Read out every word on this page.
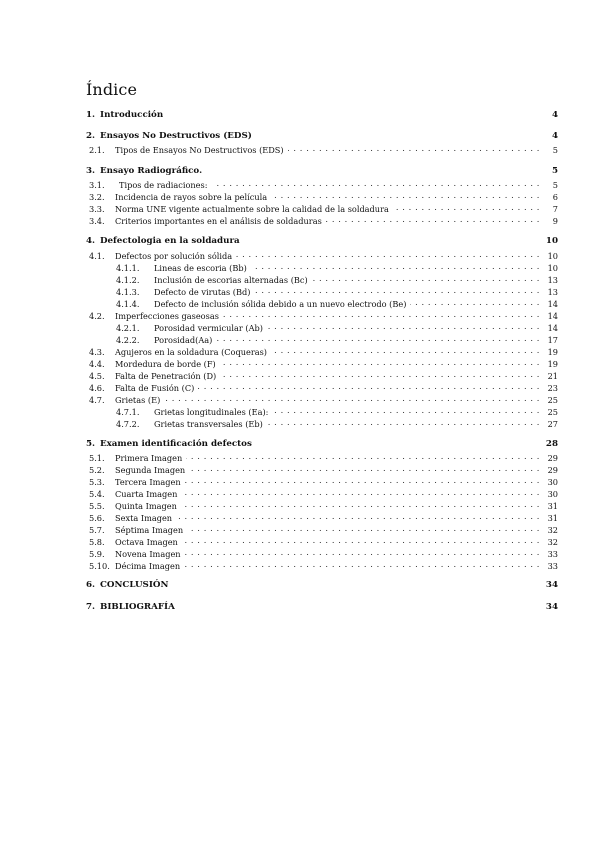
Índice
1. Introducción	4
2. Ensayos No Destructivos (EDS)	4
2.1.	Tipos de Ensayos No Destructivos (EDS) . . .	5
3. Ensayo Radiográfico.	5
3.1.	Tipos de radiaciones: . . .	5
3.2.	Incidencia de rayos sobre la película . . .	6
3.3.	Norma UNE vigente actualmente sobre la calidad de la soldadura . . .	7
3.4.	Criterios importantes en el análisis de soldaduras . . .	9
4. Defectologia en la soldadura	10
4.1.	Defectos por solución sólida . . .	10
4.1.1.	Lineas de escoria (Bb) . . .	10
4.1.2.	Inclusión de escorias alternadas (Bc) . . .	13
4.1.3.	Defecto de virutas (Bd) . . .	13
4.1.4.	Defecto de inclusión sólida debido a un nuevo electrodo (Be) . . .	14
4.2.	Imperfecciones gaseosas . . .	14
4.2.1.	Porosidad vermicular (Ab) . . .	14
4.2.2.	Porosidad(Aa) . . .	17
4.3.	Agujeros en la soldadura (Coqueras) . . .	19
4.4.	Mordedura de borde (F) . . .	19
4.5.	Falta de Penetración (D) . . .	21
4.6.	Falta de Fusión (C) . . .	23
4.7.	Grietas (E) . . .	25
4.7.1.	Grietas longitudinales (Ea): . . .	25
4.7.2.	Grietas transversales (Eb) . . .	27
5. Examen identificación defectos	28
5.1.	Primera Imagen . . .	29
5.2.	Segunda Imagen . . .	29
5.3.	Tercera Imagen . . .	30
5.4.	Cuarta Imagen . . .	30
5.5.	Quinta Imagen . . .	31
5.6.	Sexta Imagen . . .	31
5.7.	Séptima Imagen . . .	32
5.8.	Octava Imagen . . .	32
5.9.	Novena Imagen . . .	33
5.10. Décima Imagen . . .	33
6. CONCLUSIÓN	34
7. BIBLIOGRAFÍA	34
